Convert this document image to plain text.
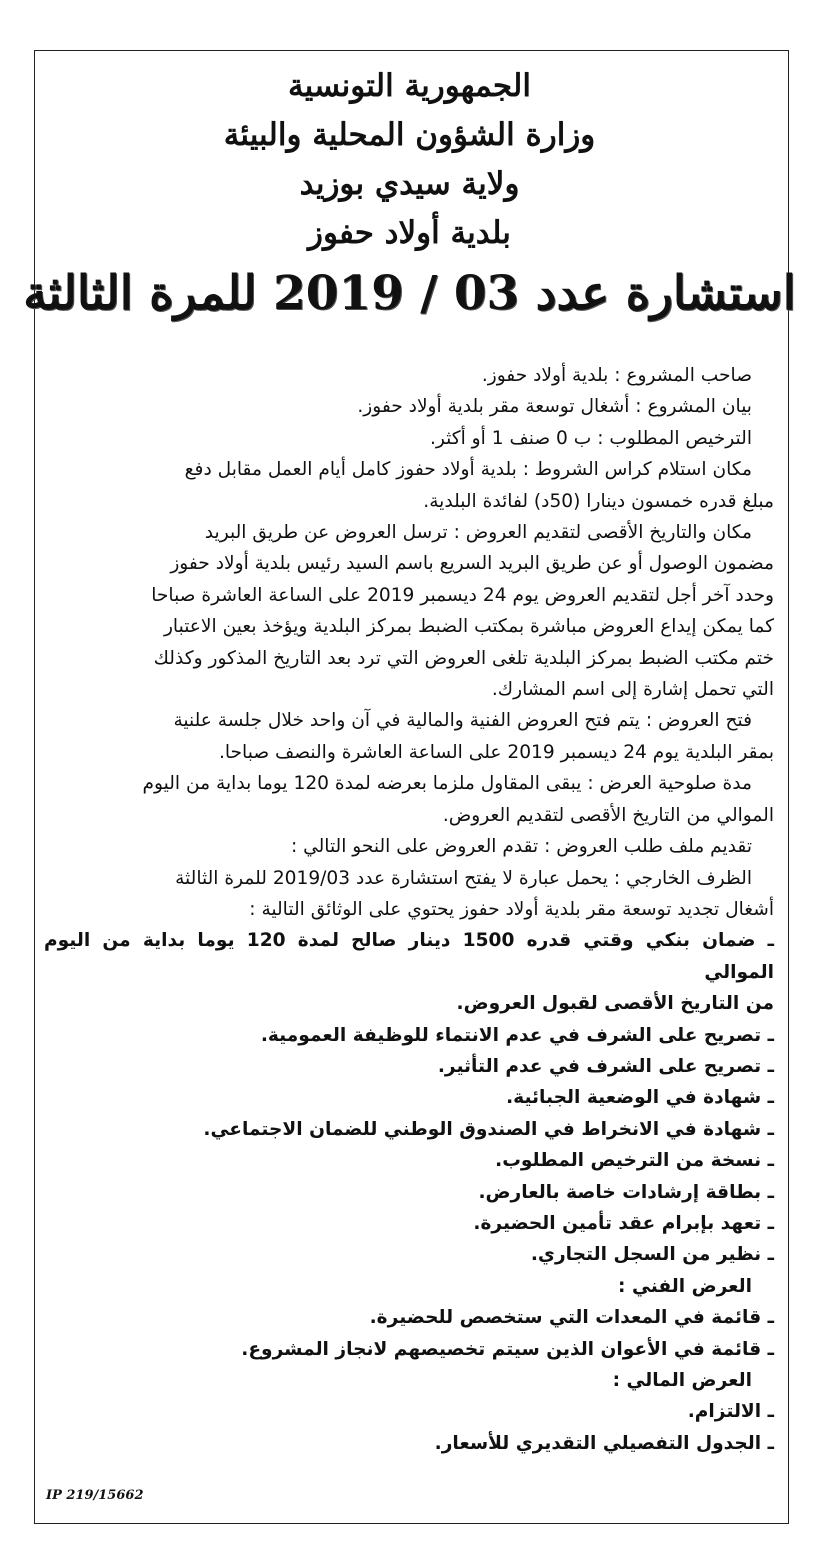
الجمهورية التونسية
وزارة الشؤون المحلية والبيئة
ولاية سيدي بوزيد
بلدية أولاد حفوز
استشارة عدد 03 / 2019 للمرة الثالثة

صاحب المشروع : بلدية أولاد حفوز.

بيان المشروع : أشغال توسعة مقر بلدية أولاد حفوز.

الترخيص المطلوب : ب 0 صنف 1 أو أكثر.

مكان استلام كراس الشروط : بلدية أولاد حفوز كامل أيام العمل مقابل دفع

مبلغ قدره خمسون دينارا (50د) لفائدة البلدية.

مكان والتاريخ الأقصى لتقديم العروض : ترسل العروض عن طريق البريد

مضمون الوصول أو عن طريق البريد السريع باسم السيد رئيس بلدية أولاد حفوز

وحدد آخر أجل لتقديم العروض يوم 24 ديسمبر 2019 على الساعة العاشرة صباحا

كما يمكن إيداع العروض مباشرة بمكتب الضبط بمركز البلدية ويؤخذ بعين الاعتبار

ختم مكتب الضبط بمركز البلدية تلغى العروض التي ترد بعد التاريخ المذكور وكذلك

التي تحمل إشارة إلى اسم المشارك.

فتح العروض : يتم فتح العروض الفنية والمالية في آن واحد خلال جلسة علنية

بمقر البلدية يوم 24 ديسمبر 2019 على الساعة العاشرة والنصف صباحا.

مدة صلوحية العرض : يبقى المقاول ملزما بعرضه لمدة 120 يوما بداية من اليوم

الموالي من التاريخ الأقصى لتقديم العروض.

تقديم ملف طلب العروض : تقدم العروض على النحو التالي :

الظرف الخارجي : يحمل عبارة لا يفتح استشارة عدد 2019/03 للمرة الثالثة

أشغال تجديد توسعة مقر بلدية أولاد حفوز يحتوي على الوثائق التالية :

ـ ضمان بنكي وقتي قدره 1500 دينار صالح لمدة 120 يوما بداية من اليوم الموالي

من التاريخ الأقصى لقبول العروض.

ـ تصريح على الشرف في عدم الانتماء للوظيفة العمومية.

ـ تصريح على الشرف في عدم التأثير.

ـ شهادة في الوضعية الجبائية.

ـ شهادة في الانخراط في الصندوق الوطني للضمان الاجتماعي.

ـ نسخة من الترخيص المطلوب.

ـ بطاقة إرشادات خاصة بالعارض.

ـ تعهد بإبرام عقد تأمين الحضيرة.

ـ نظير من السجل التجاري.

العرض الفني :

ـ قائمة في المعدات التي ستخصص للحضيرة.

ـ قائمة في الأعوان الذين سيتم تخصيصهم لانجاز المشروع.

العرض المالي :

ـ الالتزام.

ـ الجدول التفصيلي التقديري للأسعار.

IP 219/15662
